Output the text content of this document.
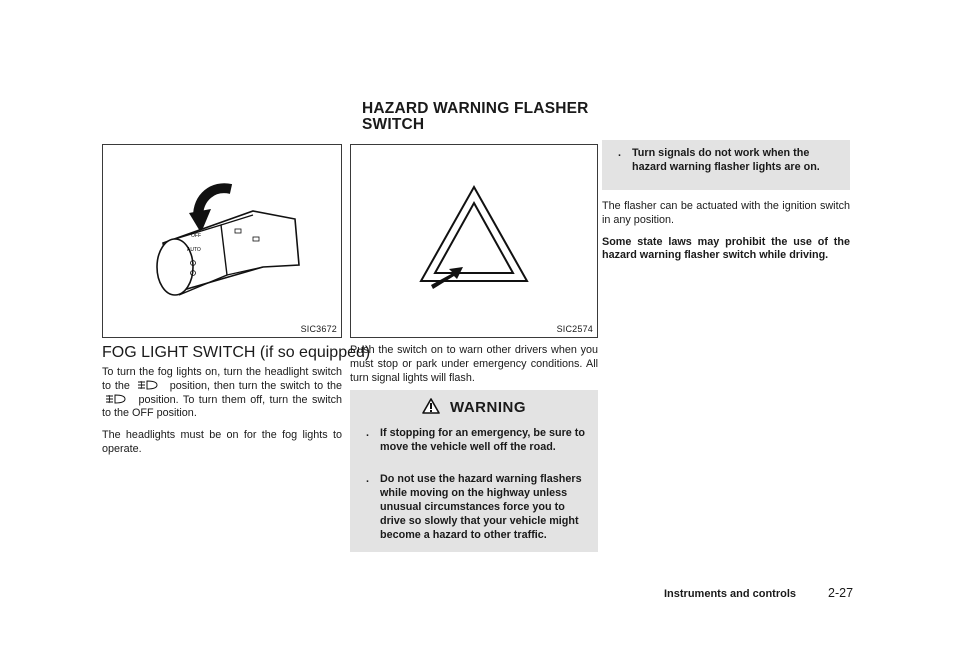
HAZARD WARNING FLASHER
SWITCH
OFF
AUTO
SIC3672	SIC2574
FOG LIGHT SWITCH (if so equipped)

To turn the fog lights on, turn the headlight switch to the	position, then turn the switch to the  position. To turn them off, turn the switch to the OFF position.

The headlights must be on for the fog lights to operate.

Push the switch on to warn other drivers when you must stop or park under emergency conditions. All turn signal lights will flash.
WARNING
. If stopping for an emergency, be sure to move the vehicle well off the road.
. Do not use the hazard warning flashers while moving on the highway unless unusual circumstances force you to drive so slowly that your vehicle might become a hazard to other traffic.
. Turn signals do not work when the hazard warning flasher lights are on.

The flasher can be actuated with the ignition switch in any position.

Some state laws may prohibit the use of the hazard warning flasher switch while driving.

Instruments and controls	2-27
